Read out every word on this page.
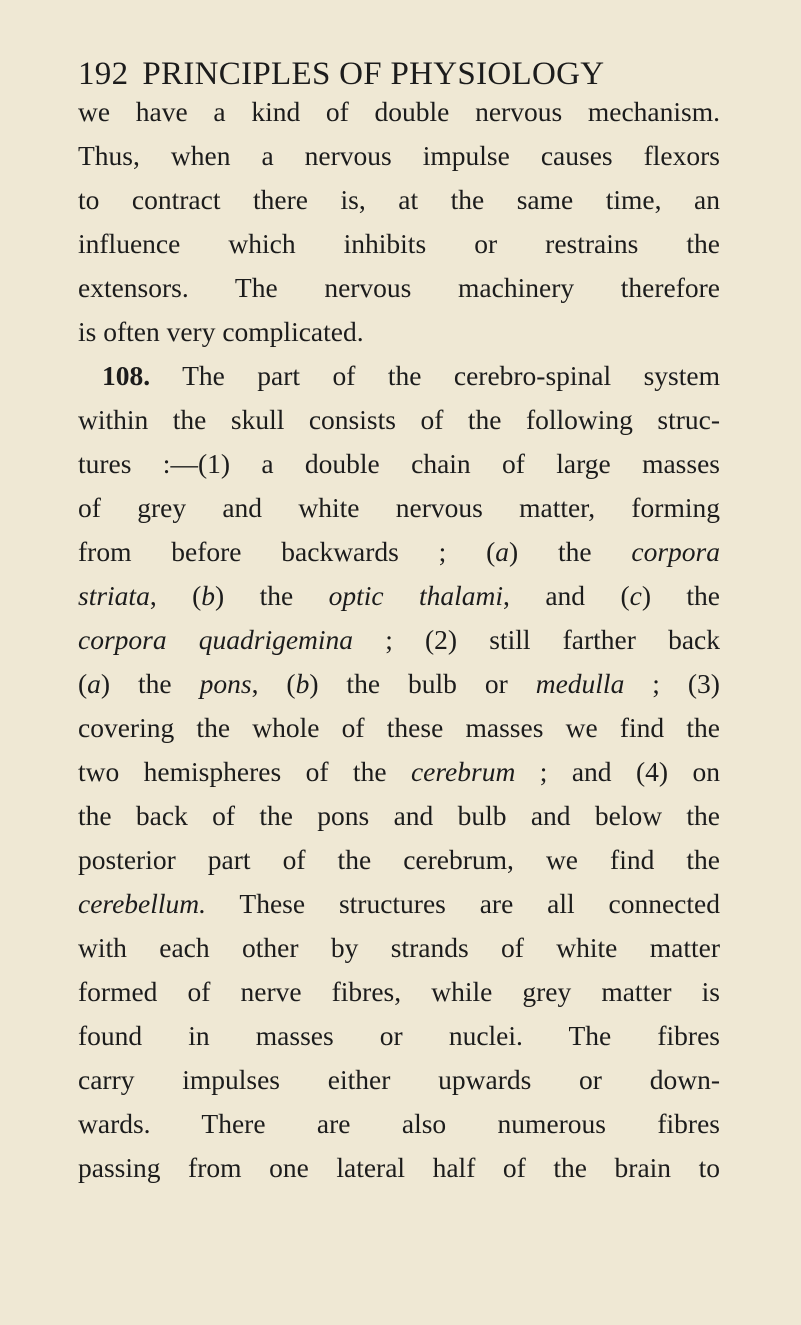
192 PRINCIPLES OF PHYSIOLOGY
we have a kind of double nervous mechanism.
Thus, when a nervous impulse causes flexors
to contract there is, at the same time, an
influence which inhibits or restrains the
extensors. The nervous machinery therefore
is often very complicated.
108. The part of the cerebro-spinal system
within the skull consists of the following struc-
tures :—(1) a double chain of large masses
of grey and white nervous matter, forming
from before backwards ; (a) the corpora
striata, (b) the optic thalami, and (c) the
corpora quadrigemina ; (2) still farther back
(a) the pons, (b) the bulb or medulla ; (3)
covering the whole of these masses we find the
two hemispheres of the cerebrum ; and (4) on
the back of the pons and bulb and below the
posterior part of the cerebrum, we find the
cerebellum. These structures are all connected
with each other by strands of white matter
formed of nerve fibres, while grey matter is
found in masses or nuclei. The fibres
carry impulses either upwards or down-
wards. There are also numerous fibres
passing from one lateral half of the brain to
